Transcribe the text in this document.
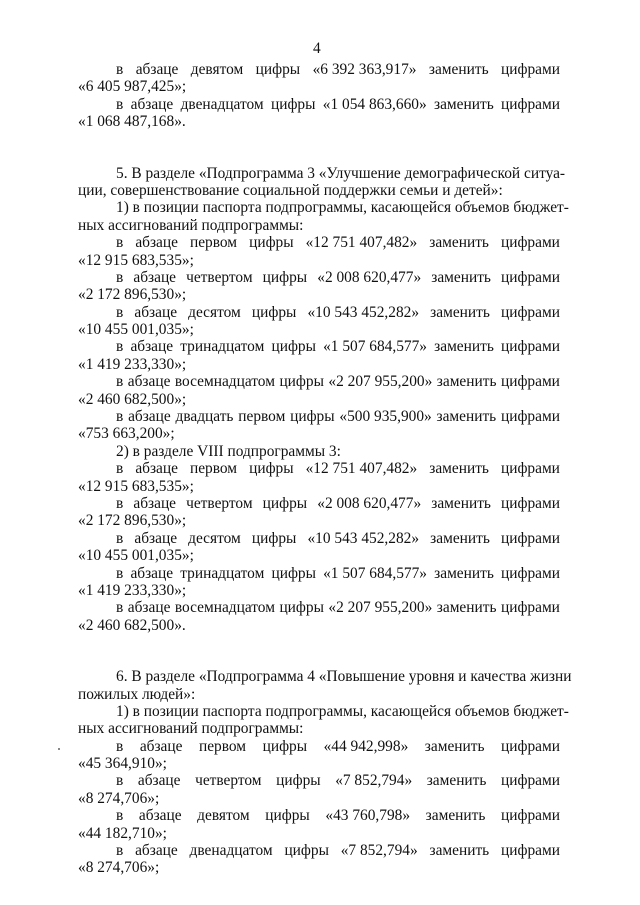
4
в абзаце девятом цифры «6 392 363,917» заменить цифрами
«6 405 987,425»;
в абзаце двенадцатом цифры «1 054 863,660» заменить цифрами
«1 068 487,168».
5. В разделе «Подпрограмма 3 «Улучшение демографической ситуа-
ции, совершенствование социальной поддержки семьи и детей»:
1) в позиции паспорта подпрограммы, касающейся объемов бюджет-
ных ассигнований подпрограммы:
в абзаце первом цифры «12 751 407,482» заменить цифрами
«12 915 683,535»;
в абзаце четвертом цифры «2 008 620,477» заменить цифрами
«2 172 896,530»;
в абзаце десятом цифры «10 543 452,282» заменить цифрами
«10 455 001,035»;
в абзаце тринадцатом цифры «1 507 684,577» заменить цифрами
«1 419 233,330»;
в абзаце восемнадцатом цифры «2 207 955,200» заменить цифрами
«2 460 682,500»;
в абзаце двадцать первом цифры «500 935,900» заменить цифрами
«753 663,200»;
2) в разделе VIII подпрограммы 3:
в абзаце первом цифры «12 751 407,482» заменить цифрами
«12 915 683,535»;
в абзаце четвертом цифры «2 008 620,477» заменить цифрами
«2 172 896,530»;
в абзаце десятом цифры «10 543 452,282» заменить цифрами
«10 455 001,035»;
в абзаце тринадцатом цифры «1 507 684,577» заменить цифрами
«1 419 233,330»;
в абзаце восемнадцатом цифры «2 207 955,200» заменить цифрами
«2 460 682,500».
6. В разделе «Подпрограмма 4 «Повышение уровня и качества жизни
пожилых людей»:
1) в позиции паспорта подпрограммы, касающейся объемов бюджет-
ных ассигнований подпрограммы:
в абзаце первом цифры «44 942,998» заменить цифрами
«45 364,910»;
в абзаце четвертом цифры «7 852,794» заменить цифрами
«8 274,706»;
в абзаце девятом цифры «43 760,798» заменить цифрами
«44 182,710»;
в абзаце двенадцатом цифры «7 852,794» заменить цифрами
«8 274,706»;
